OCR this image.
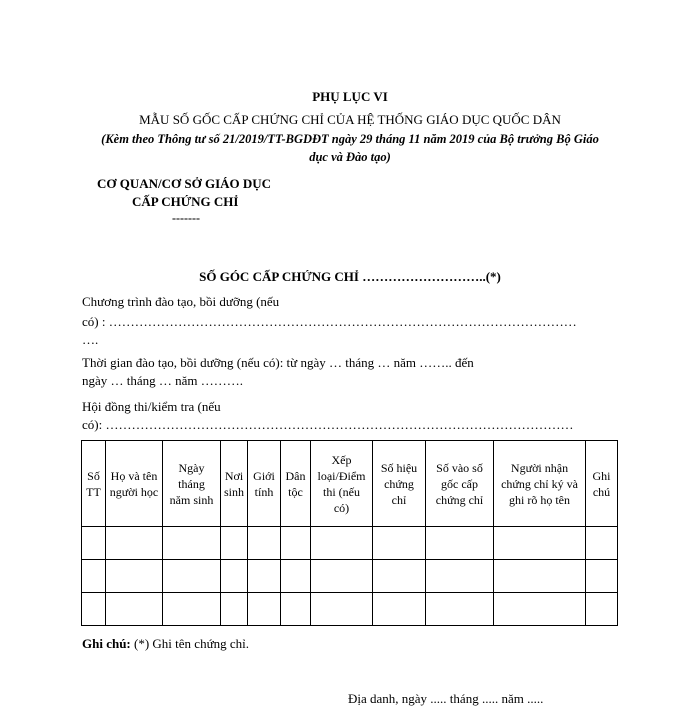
PHỤ LỤC VI
MẪU SỐ GỐC CẤP CHỨNG CHỈ CỦA HỆ THỐNG GIÁO DỤC QUỐC DÂN
(Kèm theo Thông tư số 21/2019/TT-BGDĐT ngày 29 tháng 11 năm 2019 của Bộ trưởng Bộ Giáo
dục và Đào tạo)
CƠ QUAN/CƠ SỞ GIÁO DỤC
CẤP CHỨNG CHỈ
-------
SỐ GÓC CẤP CHỨNG CHỈ ………………………..(*)
Chương trình đào tạo, bồi dưỡng (nếu
có) : ………………………………………………………………………………………………
….
Thời gian đào tạo, bồi dưỡng (nếu có): từ ngày … tháng … năm …….. đến
ngày … tháng … năm ……….
Hội đồng thi/kiểm tra (nếu
có): ………………………………………………………………………………………………
Số
TT	Họ và tên
người học	Ngày
tháng
năm sinh	Nơi
sinh	Giới
tính	Dân
tộc	Xếp
loại/Điểm
thi (nếu
có)	Số hiệu
chứng
chỉ	Số vào số
gốc cấp
chứng chỉ	Người nhận
chứng chỉ ký và
ghi rõ họ tên	Ghi
chú

Ghi chú: (*) Ghi tên chứng chỉ.
Địa danh, ngày ..... tháng ..... năm .....
